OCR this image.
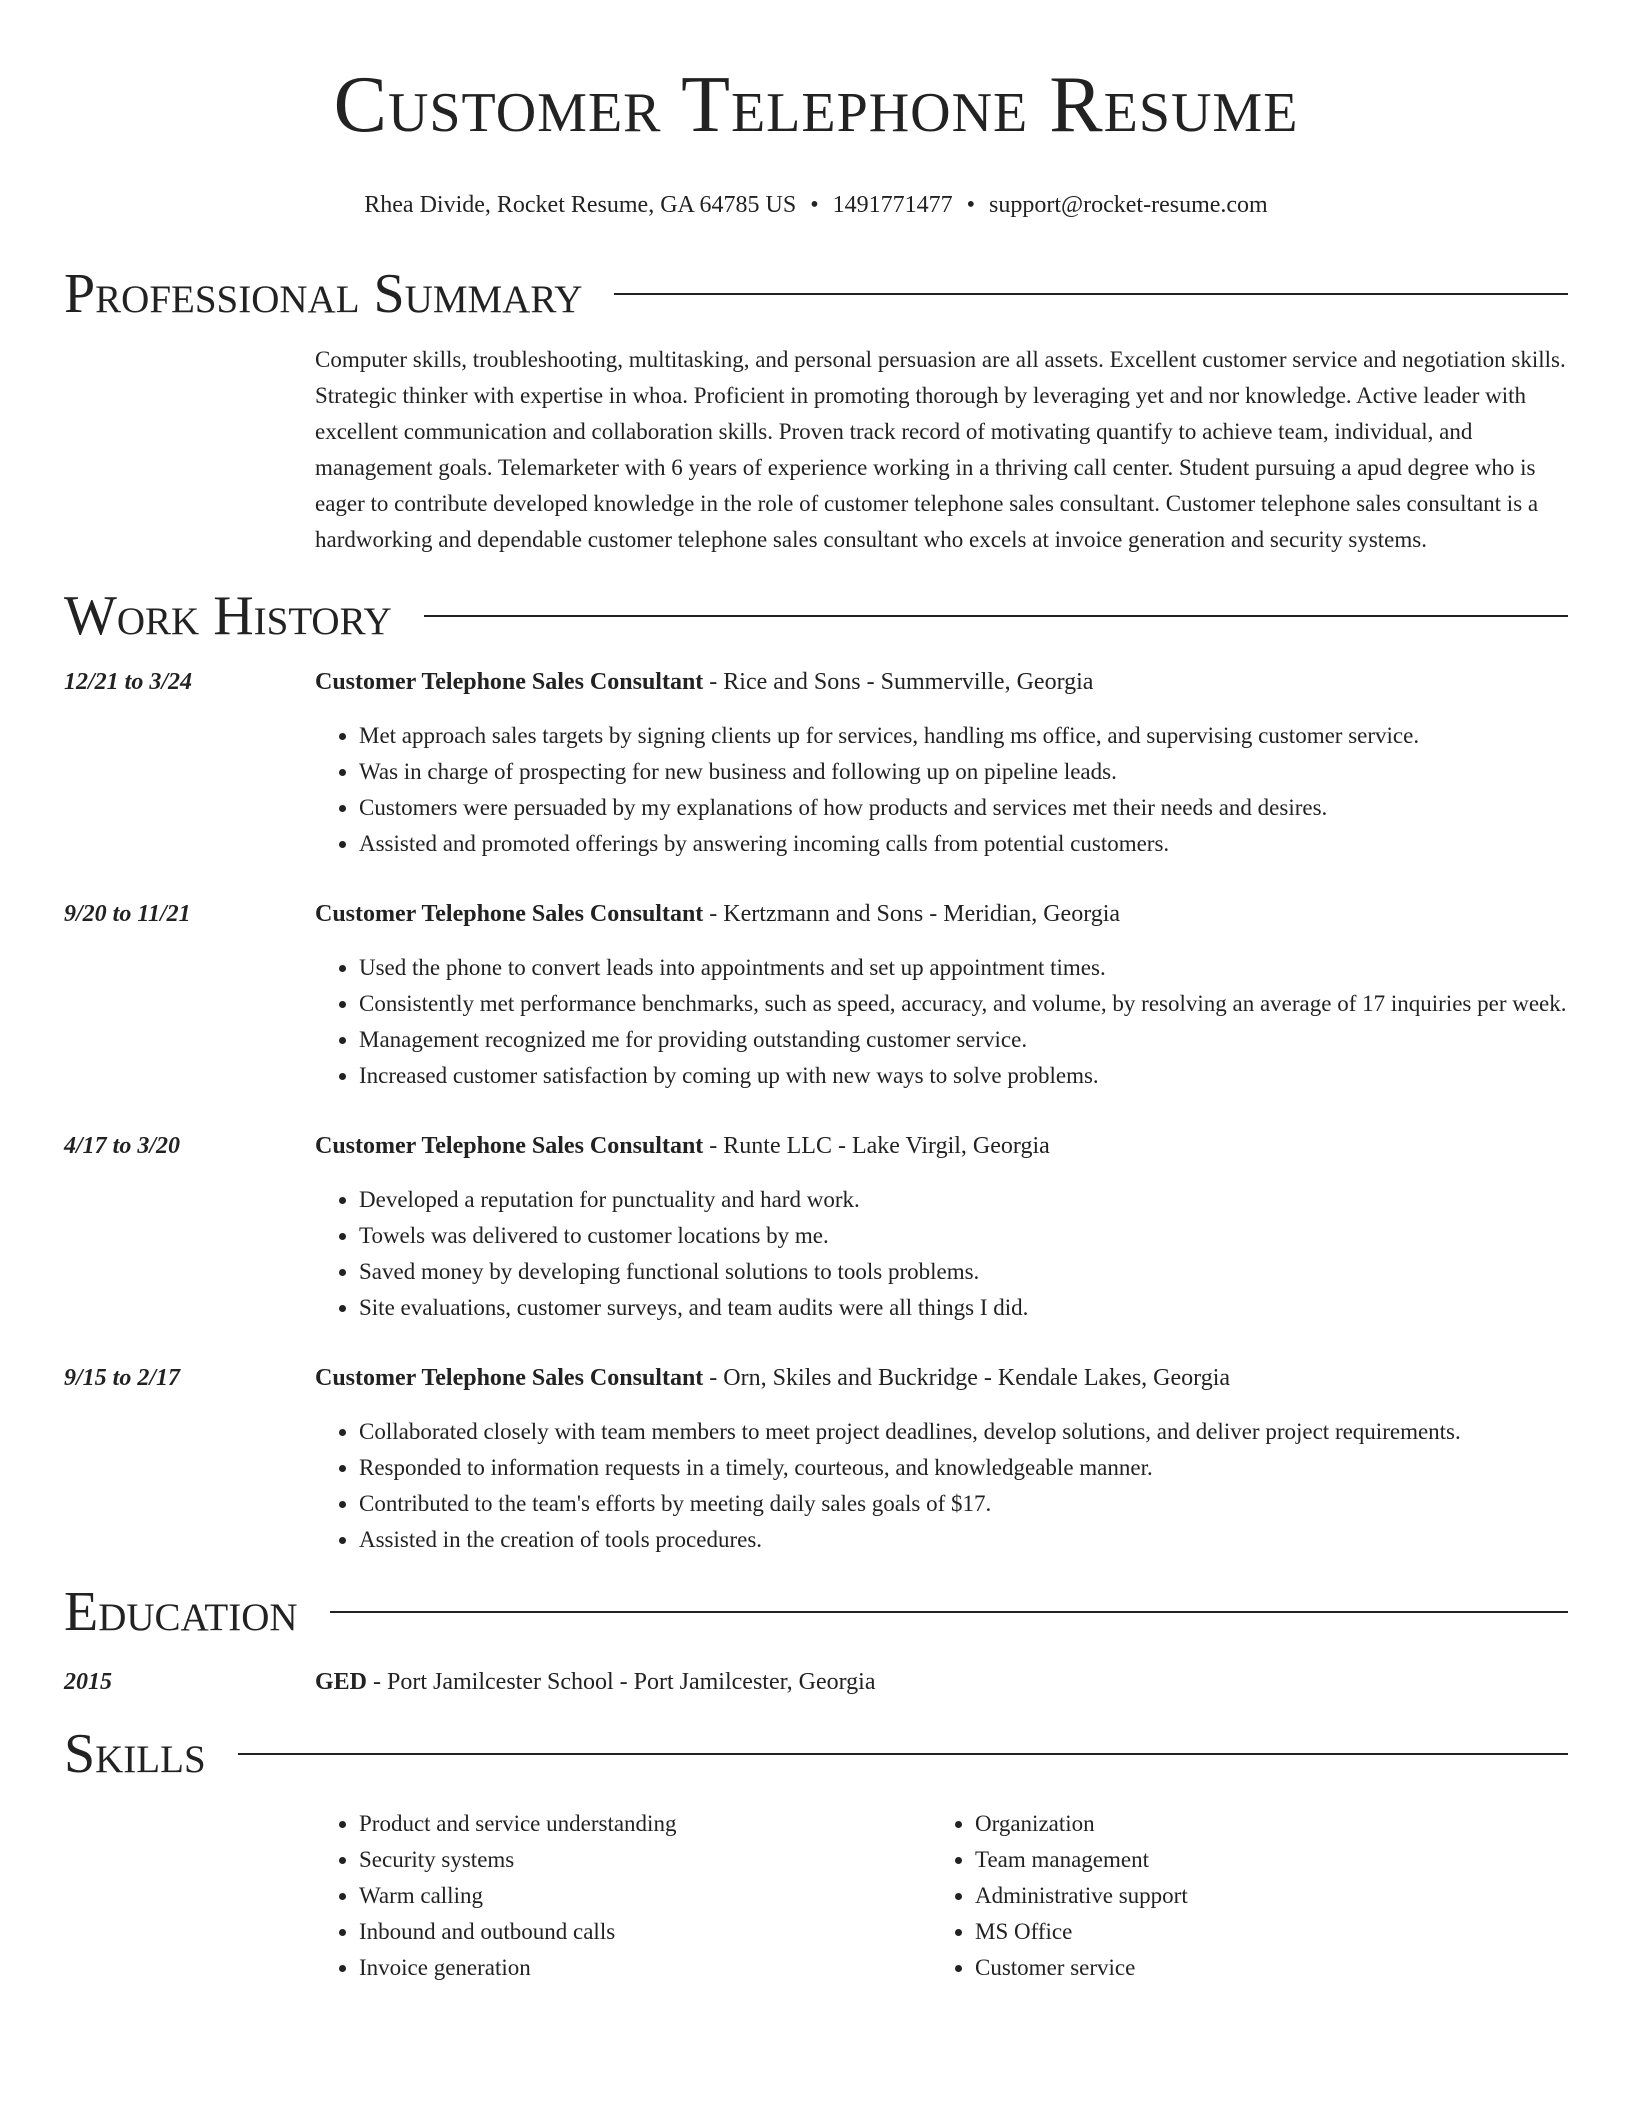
Customer Telephone Resume
Rhea Divide, Rocket Resume, GA 64785 US • 1491771477 • support@rocket-resume.com
Professional Summary

Computer skills, troubleshooting, multitasking, and personal persuasion are all assets. Excellent customer service and negotiation skills. Strategic thinker with expertise in whoa. Proficient in promoting thorough by leveraging yet and nor knowledge. Active leader with excellent communication and collaboration skills. Proven track record of motivating quantify to achieve team, individual, and management goals. Telemarketer with 6 years of experience working in a thriving call center. Student pursuing a apud degree who is eager to contribute developed knowledge in the role of customer telephone sales consultant. Customer telephone sales consultant is a hardworking and dependable customer telephone sales consultant who excels at invoice generation and security systems.

Work History
12/21 to 3/24	Customer Telephone Sales Consultant - Rice and Sons - Summerville, Georgia
• Met approach sales targets by signing clients up for services, handling ms office, and supervising customer service.
• Was in charge of prospecting for new business and following up on pipeline leads.
• Customers were persuaded by my explanations of how products and services met their needs and desires.
• Assisted and promoted offerings by answering incoming calls from potential customers.
9/20 to 11/21	Customer Telephone Sales Consultant - Kertzmann and Sons - Meridian, Georgia
• Used the phone to convert leads into appointments and set up appointment times.
• Consistently met performance benchmarks, such as speed, accuracy, and volume, by resolving an average of 17 inquiries per week.
• Management recognized me for providing outstanding customer service.
• Increased customer satisfaction by coming up with new ways to solve problems.
4/17 to 3/20	Customer Telephone Sales Consultant - Runte LLC - Lake Virgil, Georgia
• Developed a reputation for punctuality and hard work.
• Towels was delivered to customer locations by me.
• Saved money by developing functional solutions to tools problems.
• Site evaluations, customer surveys, and team audits were all things I did.
9/15 to 2/17	Customer Telephone Sales Consultant - Orn, Skiles and Buckridge - Kendale Lakes, Georgia
• Collaborated closely with team members to meet project deadlines, develop solutions, and deliver project requirements.
• Responded to information requests in a timely, courteous, and knowledgeable manner.
• Contributed to the team's efforts by meeting daily sales goals of $17.
• Assisted in the creation of tools procedures.
Education
2015	GED - Port Jamilcester School - Port Jamilcester, Georgia
Skills
• Product and service understanding
• Security systems
• Warm calling
• Inbound and outbound calls
• Invoice generation
• Organization
• Team management
• Administrative support
• MS Office
• Customer service
